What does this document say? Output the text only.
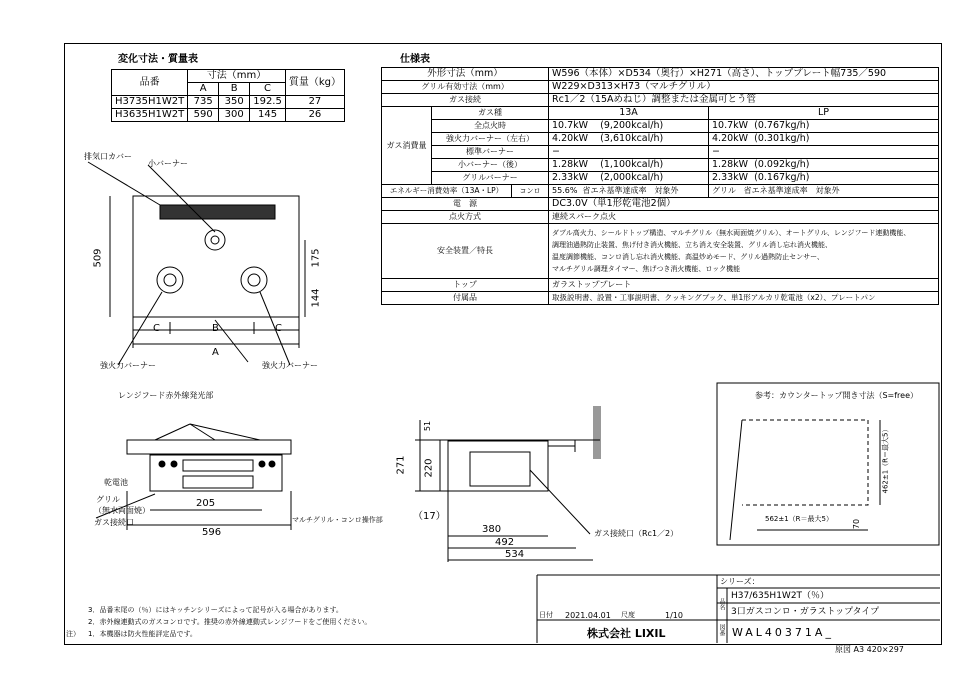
変化寸法・質量表
品番	寸法（mm）			質量（kg）
	A	B	C	
H3735H1W2T	735	350	192.5	27
H3635H1W2T	590	300	145	26
仕様表
外形寸法（mm）			W596（本体）×D534（奥行）×H271（高さ）、トッププレート幅735／590	
グリル有効寸法（mm）			W229×D313×H73（マルチグリル）	
ガス接続			Rc1／2（15Aめねじ）調整または金属可とう管	
ガス消費量	ガス種		13A	LP
	全点火時		10.7kW (9,200kcal/h)	10.7kW (0.767kg/h)
	強火力バーナー（左右）		4.20kW (3,610kcal/h)	4.20kW (0.301kg/h)
	標準バーナー		−	−
	小バーナー（後）		1.28kW (1,100kcal/h)	1.28kW (0.092kg/h)
	グリルバーナー		2.33kW (2,000kcal/h)	2.33kW (0.167kg/h)
エネルギー消費効率（13A・LP）		コンロ	55.6% 省エネ基準達成率　対象外	グリル 省エネ基準達成率　対象外
電　源			DC3.0V（単1形乾電池2個）	
点火方式			連続スパーク点火	
安全装置／特長			ダブル高火力、シールドトップ構造、マルチグリル（無水両面焼グリル）、オートグリル、レンジフード連動機能、
調理油過熱防止装置、焦げ付き消火機能、立ち消え安全装置、グリル消し忘れ消火機能、
温度調節機能、コンロ消し忘れ消火機能、高温炒めモード、グリル過熱防止センサー、
マルチグリル調理タイマー、焦げつき消火機能、ロック機能	

トップ			ガラストッププレート	
付属品			取扱説明書、設置・工事説明書、クッキングブック、単1形アルカリ乾電池（x2）、プレートパン	
排気口カバー
小バーナー
強火力バーナー	強火力バーナー
509	175
144
C	B	C
A
レンジフード赤外線発光部
乾電池
グリル
（無水両面焼）
ガス接続口	マルチグリル・コンロ操作部
205
596
51
271 220
（17）
380
492
534
ガス接続口（Rc1／2）
参考：カウンタートップ開き寸法（S=free）
562±1（R＝最大5）
462±1（R＝最大5）
70
3．品番末尾の（％）にはキッチンシリーズによって記号が入る場合があります。
2．赤外線連動式のガスコンロです。推奨の赤外線連動式レンジフードをご使用ください。
注） 1．本機器は防火性能評定品です。
日付 2021.04.01 尺度	1/10
株式会社 LIXIL
シリーズ：
品名
H37/635H1W2T（％）
3口ガスコンロ・ガラストップタイプ
図番 WAL40371A_
原図 A3 420×297
